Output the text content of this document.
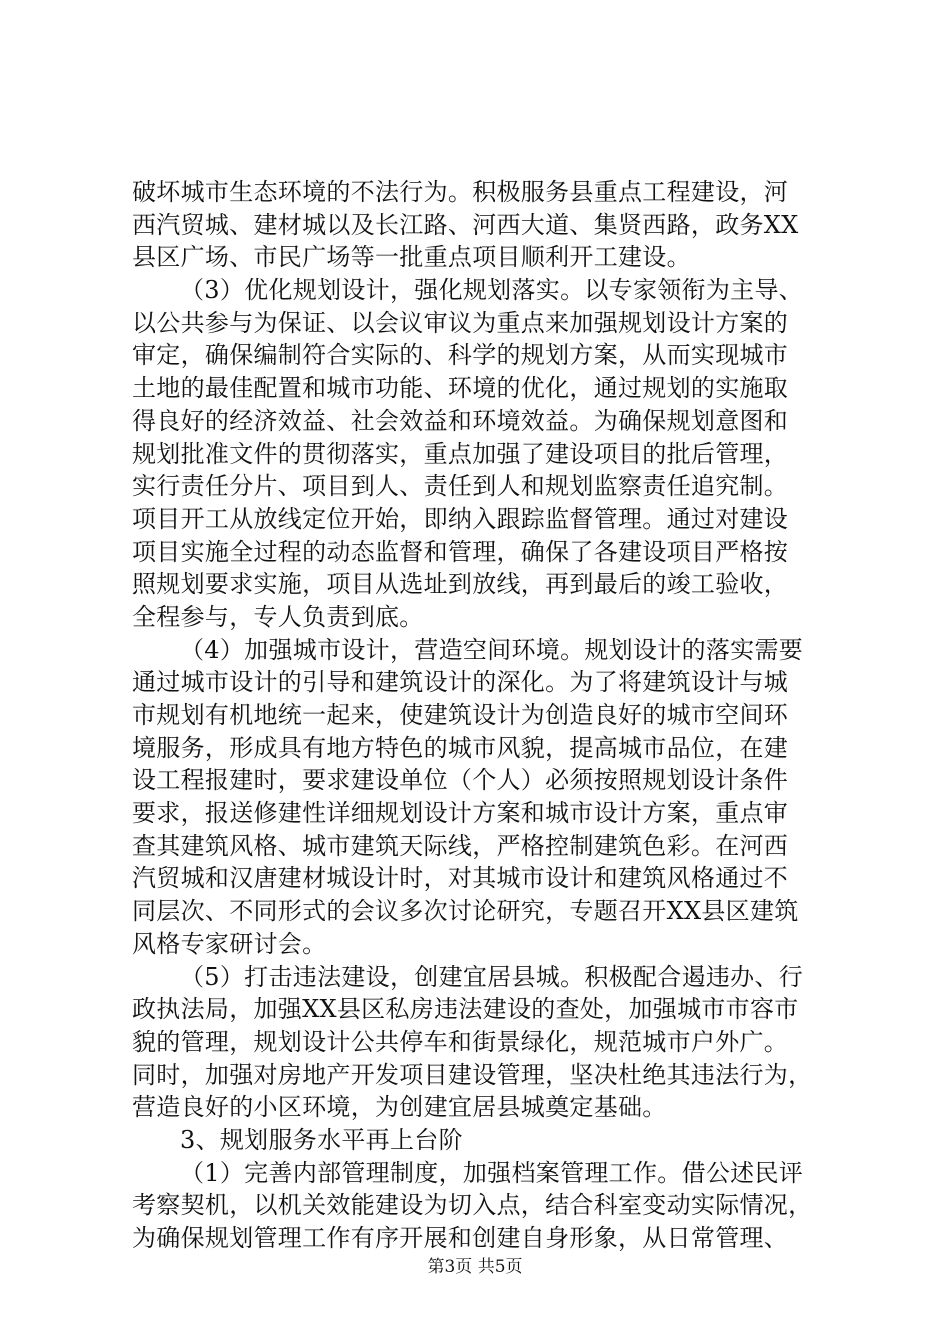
破坏城市生态环境的不法行为。积极服务县重点工程建设，河
西汽贸城、建材城以及长江路、河西大道、集贤西路，政务XX
县区广场、市民广场等一批重点项目顺利开工建设。
（3）优化规划设计，强化规划落实。以专家领衔为主导、
以公共参与为保证、以会议审议为重点来加强规划设计方案的
审定，确保编制符合实际的、科学的规划方案，从而实现城市
土地的最佳配置和城市功能、环境的优化，通过规划的实施取
得良好的经济效益、社会效益和环境效益。为确保规划意图和
规划批准文件的贯彻落实，重点加强了建设项目的批后管理，
实行责任分片、项目到人、责任到人和规划监察责任追究制。
项目开工从放线定位开始，即纳入跟踪监督管理。通过对建设
项目实施全过程的动态监督和管理，确保了各建设项目严格按
照规划要求实施，项目从选址到放线，再到最后的竣工验收，
全程参与，专人负责到底。
（4）加强城市设计，营造空间环境。规划设计的落实需要
通过城市设计的引导和建筑设计的深化。为了将建筑设计与城
市规划有机地统一起来，使建筑设计为创造良好的城市空间环
境服务，形成具有地方特色的城市风貌，提高城市品位，在建
设工程报建时，要求建设单位（个人）必须按照规划设计条件
要求，报送修建性详细规划设计方案和城市设计方案，重点审
查其建筑风格、城市建筑天际线，严格控制建筑色彩。在河西
汽贸城和汉唐建材城设计时，对其城市设计和建筑风格通过不
同层次、不同形式的会议多次讨论研究，专题召开XX县区建筑
风格专家研讨会。
（5）打击违法建设，创建宜居县城。积极配合遏违办、行
政执法局，加强XX县区私房违法建设的查处，加强城市市容市
貌的管理，规划设计公共停车和街景绿化，规范城市户外广。
同时，加强对房地产开发项目建设管理，坚决杜绝其违法行为，
营造良好的小区环境，为创建宜居县城奠定基础。
3、规划服务水平再上台阶
（1）完善内部管理制度，加强档案管理工作。借公述民评
考察契机，以机关效能建设为切入点，结合科室变动实际情况，
为确保规划管理工作有序开展和创建自身形象，从日常管理、
第3页 共5页
